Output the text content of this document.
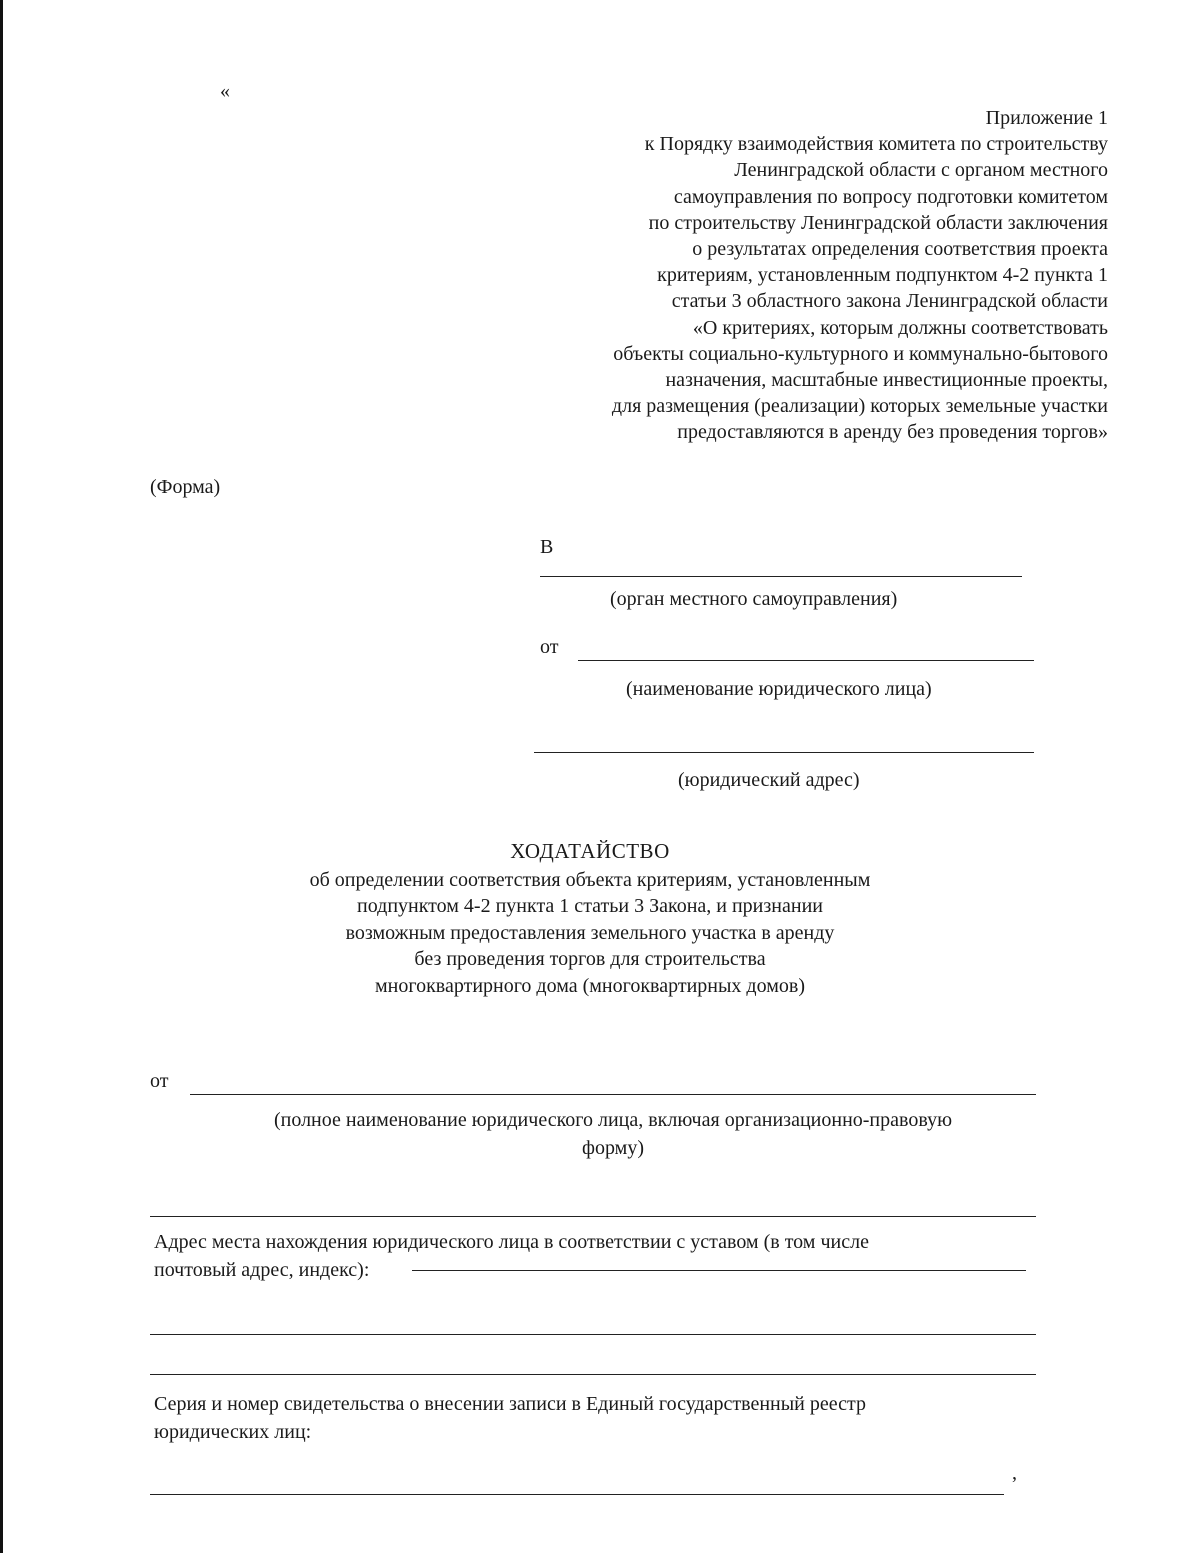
«
Приложение 1
к Порядку взаимодействия комитета по строительству
Ленинградской области с органом местного
самоуправления по вопросу подготовки комитетом
по строительству Ленинградской области заключения
о результатах определения соответствия проекта
критериям, установленным подпунктом 4-2 пункта 1
статьи 3 областного закона Ленинградской области
«О критериях, которым должны соответствовать
объекты социально-культурного и коммунально-бытового
назначения, масштабные инвестиционные проекты,
для размещения (реализации) которых земельные участки
предоставляются в аренду без проведения торгов»
(Форма)
В
(орган местного самоуправления)
от
(наименование юридического лица)
(юридический адрес)
ХОДАТАЙСТВО
об определении соответствия объекта критериям, установленным
подпунктом 4-2 пункта 1 статьи 3 Закона, и признании
возможным предоставления земельного участка в аренду
без проведения торгов для строительства
многоквартирного дома (многоквартирных домов)
от
(полное наименование юридического лица, включая организационно-правовую
форму)
Адрес места нахождения юридического лица в соответствии с уставом (в том числе
почтовый адрес, индекс):
Серия и номер свидетельства о внесении записи в Единый государственный реестр
юридических лиц:
,
